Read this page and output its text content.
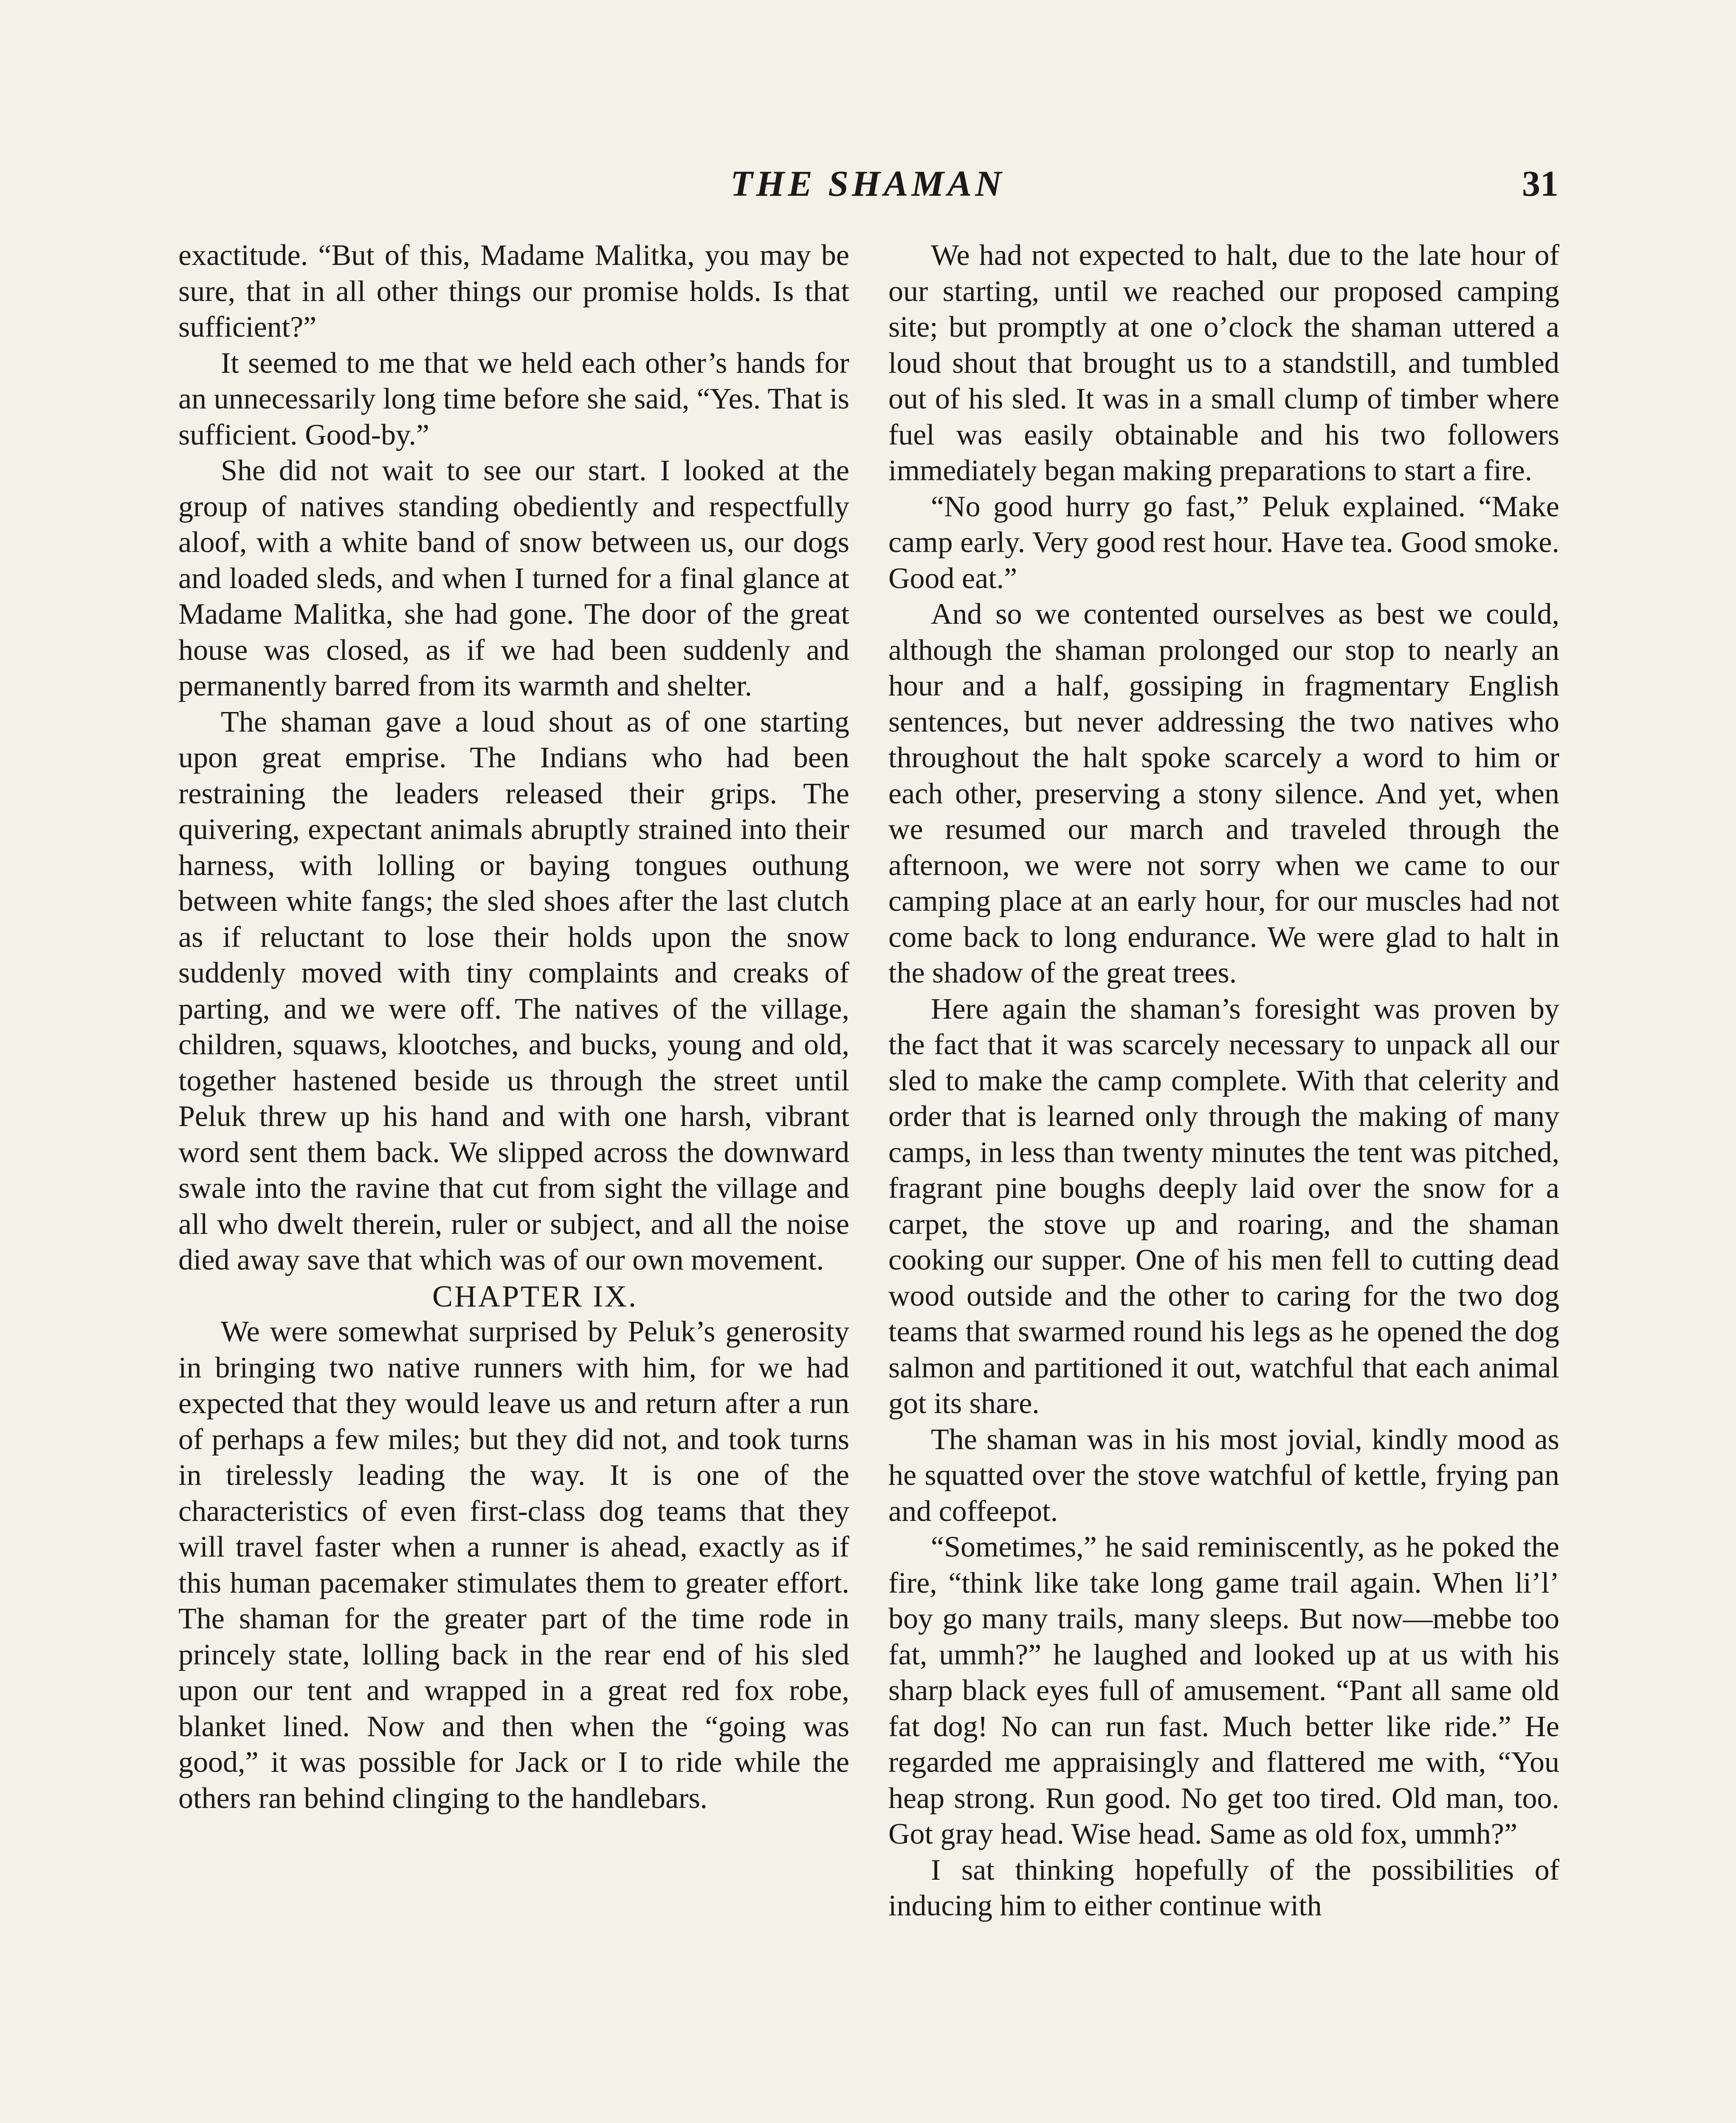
THE SHAMAN	31

exactitude. “But of this, Madame Malitka, you may be sure, that in all other things our promise holds. Is that sufficient?”

It seemed to me that we held each other’s hands for an unnecessarily long time before she said, “Yes. That is sufficient. Good-by.”

She did not wait to see our start. I looked at the group of natives standing obediently and respectfully aloof, with a white band of snow between us, our dogs and loaded sleds, and when I turned for a final glance at Madame Malitka, she had gone. The door of the great house was closed, as if we had been suddenly and permanently barred from its warmth and shelter.

The shaman gave a loud shout as of one starting upon great emprise. The Indians who had been restraining the leaders released their grips. The quivering, expectant animals abruptly strained into their harness, with lolling or baying tongues outhung between white fangs; the sled shoes after the last clutch as if reluctant to lose their holds upon the snow suddenly moved with tiny complaints and creaks of parting, and we were off. The natives of the village, children, squaws, klootches, and bucks, young and old, together hastened beside us through the street until Peluk threw up his hand and with one harsh, vibrant word sent them back. We slipped across the downward swale into the ravine that cut from sight the village and all who dwelt therein, ruler or subject, and all the noise died away save that which was of our own movement.

CHAPTER IX.

We were somewhat surprised by Peluk’s generosity in bringing two native runners with him, for we had expected that they would leave us and return after a run of perhaps a few miles; but they did not, and took turns in tirelessly leading the way. It is one of the characteristics of even first-class dog teams that they will travel faster when a runner is ahead, exactly as if this human pacemaker stimulates them to greater effort. The shaman for the greater part of the time rode in princely state, lolling back in the rear end of his sled upon our tent and wrapped in a great red fox robe, blanket lined. Now and then when the “going was good,” it was possible for Jack or I to ride while the others ran behind clinging to the handlebars.

We had not expected to halt, due to the late hour of our starting, until we reached our proposed camping site; but promptly at one o’clock the shaman uttered a loud shout that brought us to a standstill, and tumbled out of his sled. It was in a small clump of timber where fuel was easily obtainable and his two followers immediately began making preparations to start a fire.

“No good hurry go fast,” Peluk explained. “Make camp early. Very good rest hour. Have tea. Good smoke. Good eat.”

And so we contented ourselves as best we could, although the shaman prolonged our stop to nearly an hour and a half, gossiping in fragmentary English sentences, but never addressing the two natives who throughout the halt spoke scarcely a word to him or each other, preserving a stony silence. And yet, when we resumed our march and traveled through the afternoon, we were not sorry when we came to our camping place at an early hour, for our muscles had not come back to long endurance. We were glad to halt in the shadow of the great trees.

Here again the shaman’s foresight was proven by the fact that it was scarcely necessary to unpack all our sled to make the camp complete. With that celerity and order that is learned only through the making of many camps, in less than twenty minutes the tent was pitched, fragrant pine boughs deeply laid over the snow for a carpet, the stove up and roaring, and the shaman cooking our supper. One of his men fell to cutting dead wood outside and the other to caring for the two dog teams that swarmed round his legs as he opened the dog salmon and partitioned it out, watchful that each animal got its share.

The shaman was in his most jovial, kindly mood as he squatted over the stove watchful of kettle, frying pan and coffeepot.

“Sometimes,” he said reminiscently, as he poked the fire, “think like take long game trail again. When li’l’ boy go many trails, many sleeps. But now—mebbe too fat, ummh?” he laughed and looked up at us with his sharp black eyes full of amusement. “Pant all same old fat dog! No can run fast. Much better like ride.” He regarded me appraisingly and flattered me with, “You heap strong. Run good. No get too tired. Old man, too. Got gray head. Wise head. Same as old fox, ummh?”

I sat thinking hopefully of the possibilities of inducing him to either continue with
